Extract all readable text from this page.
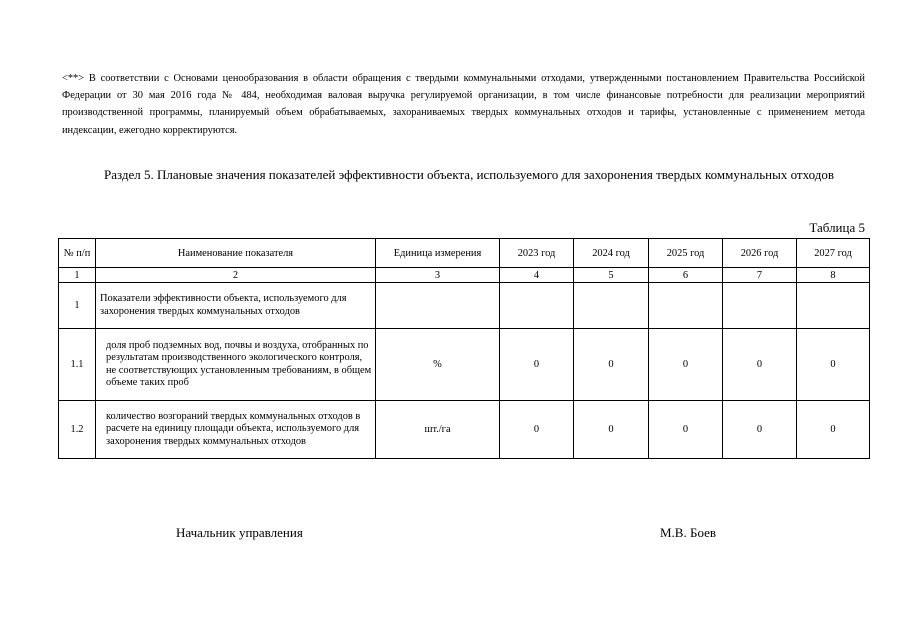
<**> В соответствии с Основами ценообразования в области обращения с твердыми коммунальными отходами, утвержденными постановлением Правительства Российской Федерации от 30 мая 2016 года № 484, необходимая валовая выручка регулируемой организации, в том числе финансовые потребности для реализации мероприятий производственной программы, планируемый объем обрабатываемых, захораниваемых твердых коммунальных отходов и тарифы, установленные с применением метода индексации, ежегодно корректируются.
Раздел 5. Плановые значения показателей эффективности объекта, используемого для захоронения твердых коммунальных отходов
Таблица 5
№ п/п	Наименование показателя	Единица измерения	2023 год	2024 год	2025 год	2026 год	2027 год
1	2	3	4	5	6	7	8
1	Показатели эффективности объекта, используемого для захоронения твердых коммунальных отходов						
1.1	доля проб подземных вод, почвы и воздуха, отобранных по результатам производственного экологического контроля, не соответствующих установленным требованиям, в общем объеме таких проб	%	0	0	0	0	0
1.2	количество возгораний твердых коммунальных отходов в расчете на единицу площади объекта, используемого для захоронения твердых коммунальных отходов	шт./га	0	0	0	0	0
Начальник управления	М.В. Боев
